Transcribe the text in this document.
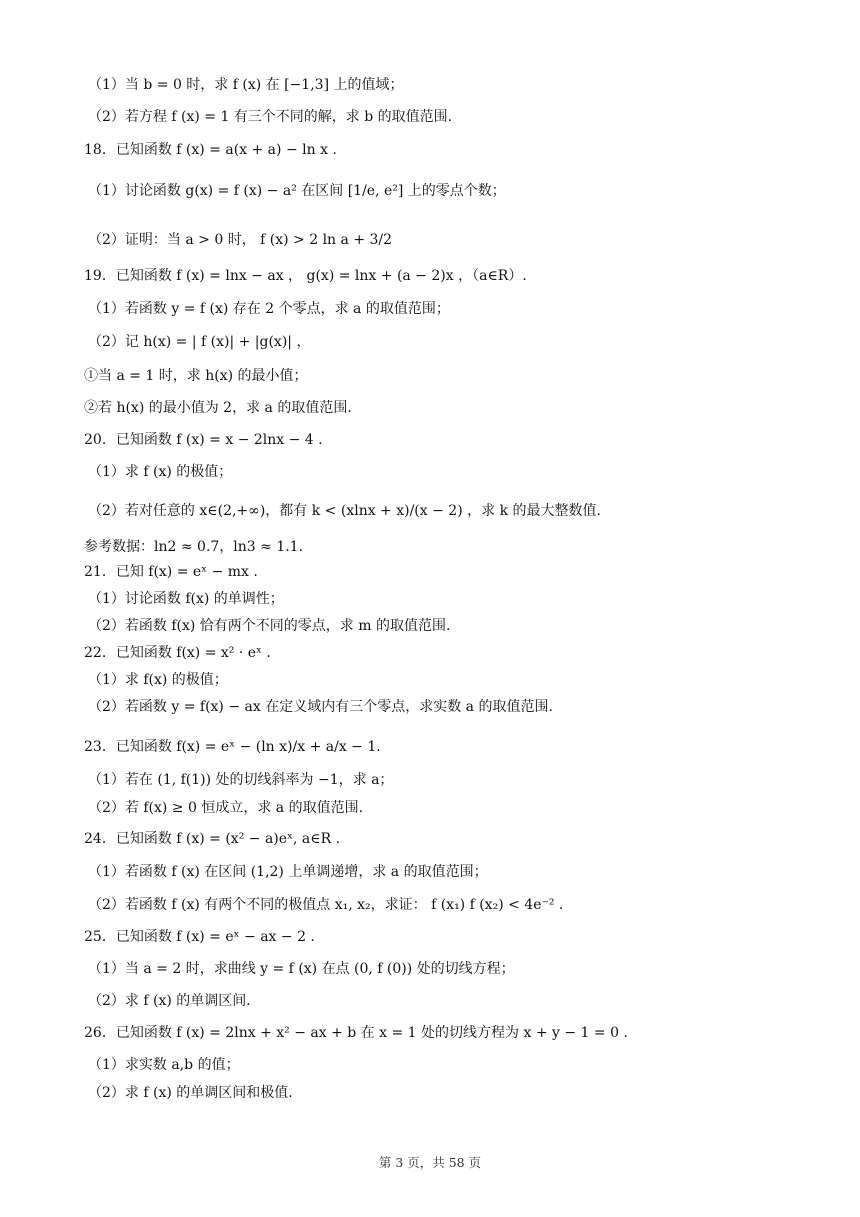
（1）当 b = 0 时，求 f (x) 在 [−1,3] 上的值域；
（2）若方程 f (x) = 1 有三个不同的解，求 b 的取值范围.
18．已知函数 f (x) = a(x + a) − ln x .
（1）讨论函数 g(x) = f (x) − a² 在区间 [1/e, e²] 上的零点个数；
（2）证明：当 a > 0 时， f (x) > 2 ln a + 3/2
19．已知函数 f (x) = lnx − ax ， g(x) = lnx + (a − 2)x ，（a∈R）.
（1）若函数 y = f (x) 存在 2 个零点，求 a 的取值范围；
（2）记 h(x) = | f (x)| + |g(x)| ，
①当 a = 1 时，求 h(x) 的最小值；
②若 h(x) 的最小值为 2，求 a 的取值范围.
20．已知函数 f (x) = x − 2lnx − 4 .
（1）求 f (x) 的极值；
（2）若对任意的 x∈(2,+∞)，都有 k < (xlnx + x)/(x − 2) ，求 k 的最大整数值.
参考数据：ln2 ≈ 0.7，ln3 ≈ 1.1.
21．已知 f(x) = eˣ − mx .
（1）讨论函数 f(x) 的单调性；
（2）若函数 f(x) 恰有两个不同的零点，求 m 的取值范围.
22．已知函数 f(x) = x² · eˣ ．
（1）求 f(x) 的极值；
（2）若函数 y = f(x) − ax 在定义域内有三个零点，求实数 a 的取值范围.
23．已知函数 f(x) = eˣ − (ln x)/x + a/x − 1.
（1）若在 (1, f(1)) 处的切线斜率为 −1，求 a；
（2）若 f(x) ≥ 0 恒成立，求 a 的取值范围.
24．已知函数 f (x) = (x² − a)eˣ, a∈R .
（1）若函数 f (x) 在区间 (1,2) 上单调递增，求 a 的取值范围；
（2）若函数 f (x) 有两个不同的极值点 x₁, x₂，求证： f (x₁) f (x₂) < 4e⁻² .
25．已知函数 f (x) = eˣ − ax − 2 .
（1）当 a = 2 时，求曲线 y = f (x) 在点 (0, f (0)) 处的切线方程；
（2）求 f (x) 的单调区间.
26．已知函数 f (x) = 2lnx + x² − ax + b 在 x = 1 处的切线方程为 x + y − 1 = 0 .
（1）求实数 a,b 的值；
（2）求 f (x) 的单调区间和极值.
第 3 页，共 58 页
